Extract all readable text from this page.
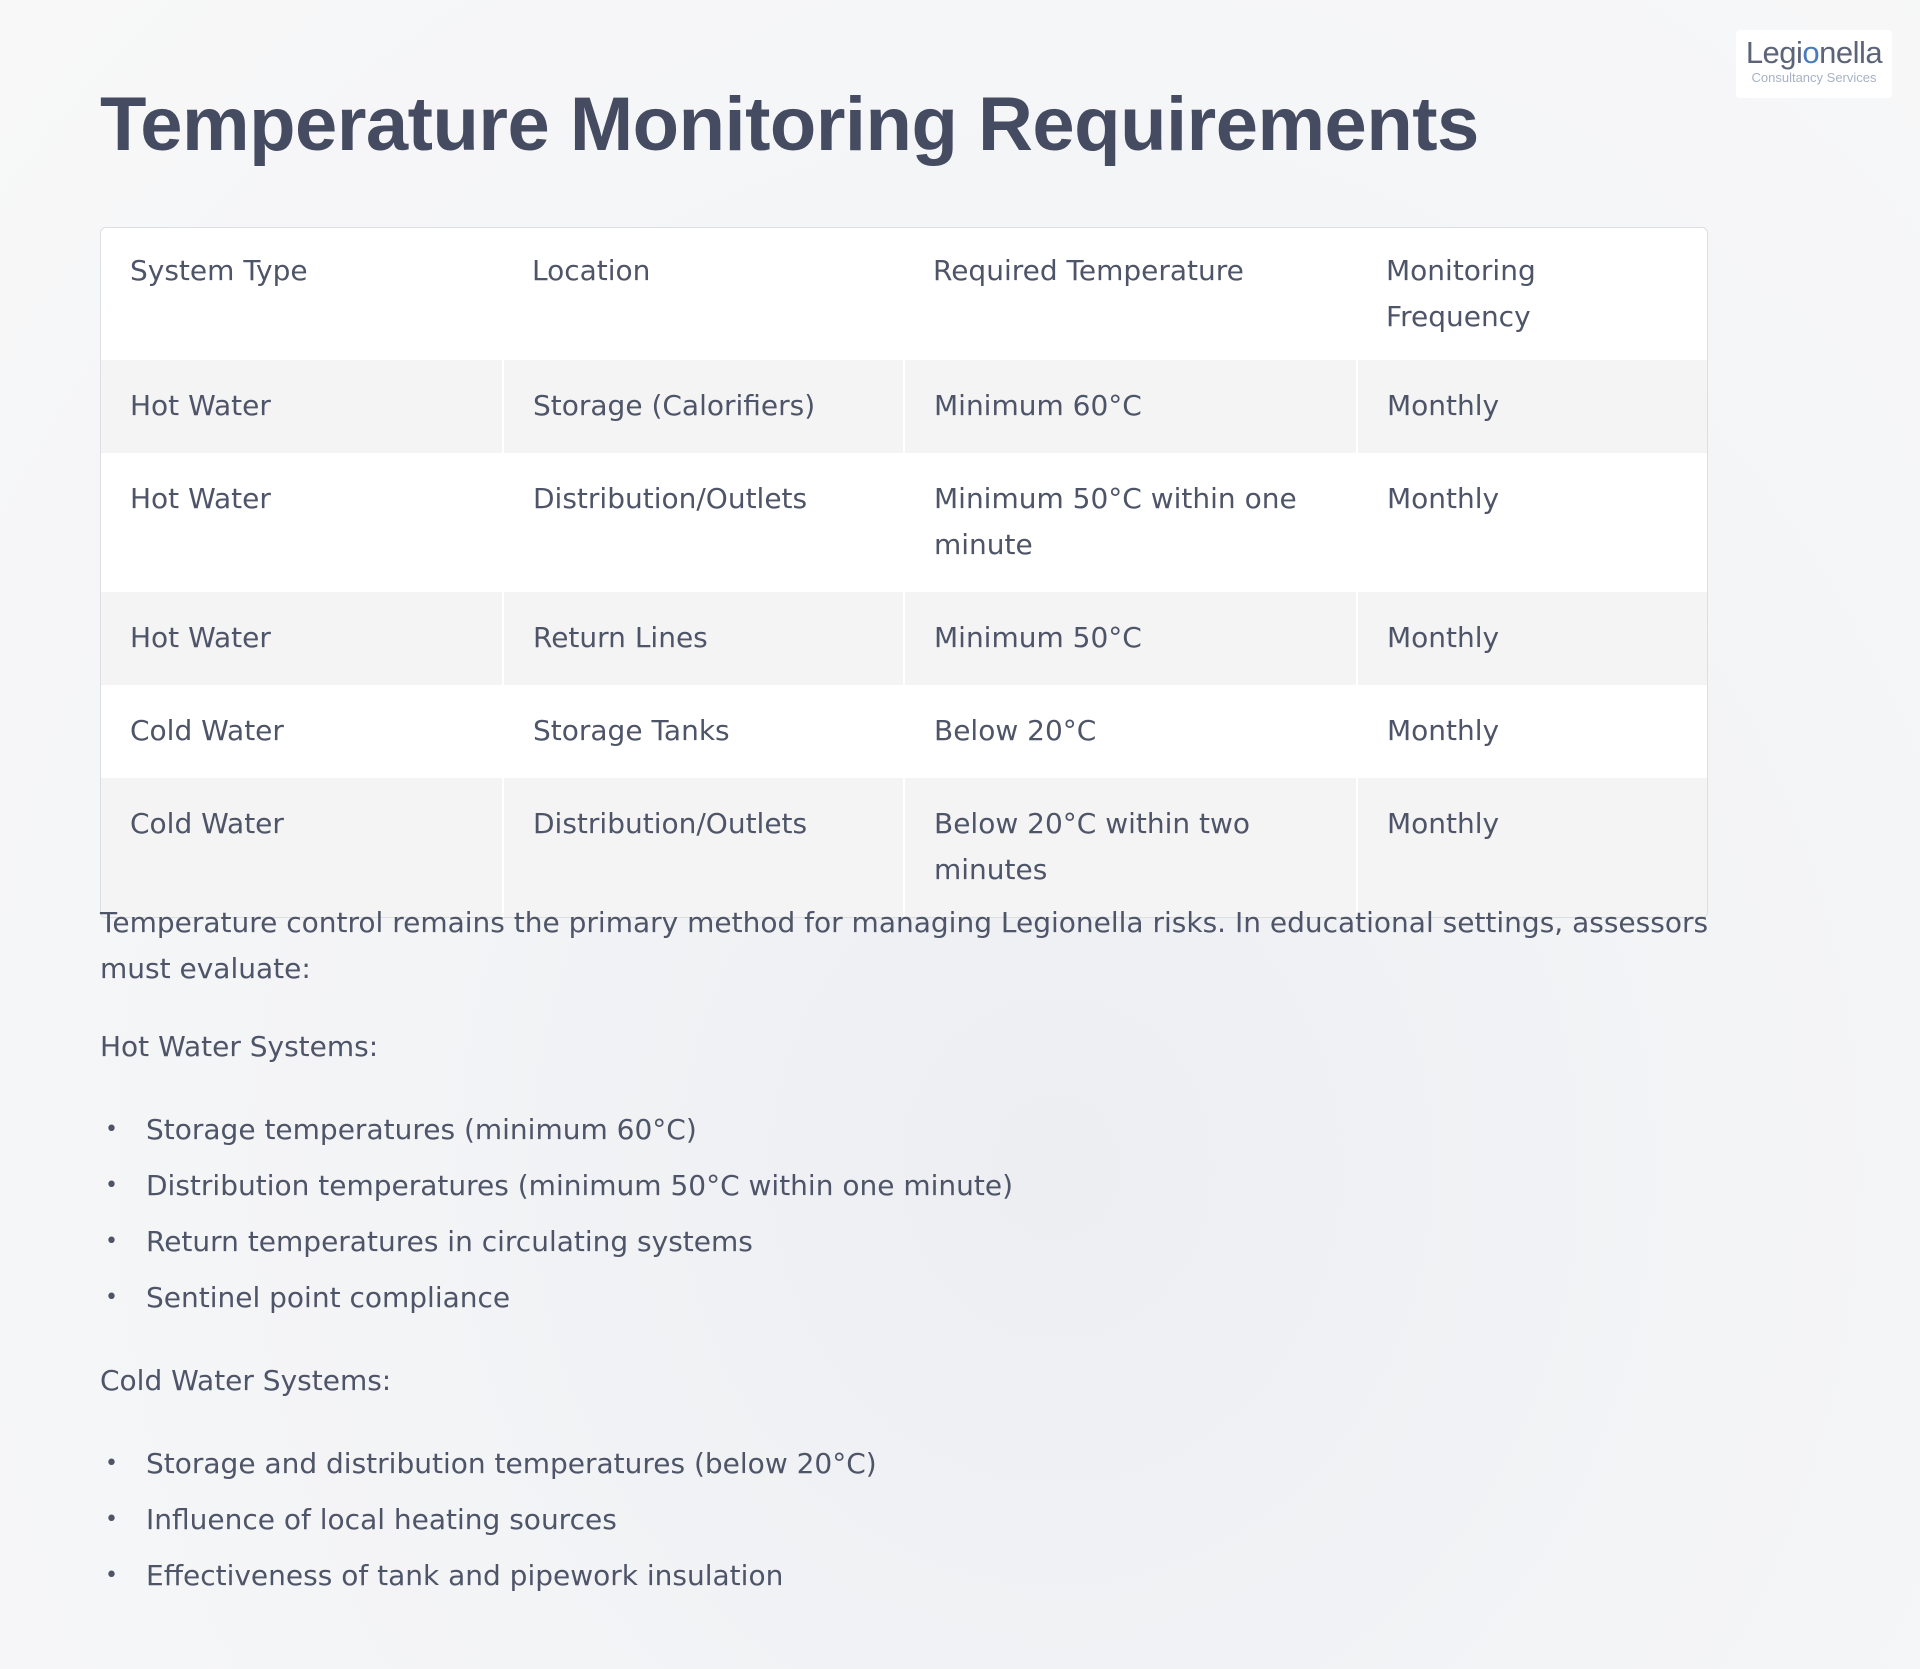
Legionella
Consultancy Services
Temperature Monitoring Requirements
System Type	Location	Required Temperature	Monitoring Frequency
Hot Water	Storage (Calorifiers)	Minimum 60°C	Monthly
Hot Water	Distribution/Outlets	Minimum 50°C within one minute	Monthly
Hot Water	Return Lines	Minimum 50°C	Monthly
Cold Water	Storage Tanks	Below 20°C	Monthly
Cold Water	Distribution/Outlets	Below 20°C within two minutes	Monthly

Temperature control remains the primary method for managing Legionella risks. In educational settings, assessors must evaluate:

Hot Water Systems:

• Storage temperatures (minimum 60°C)
• Distribution temperatures (minimum 50°C within one minute)
• Return temperatures in circulating systems
• Sentinel point compliance

Cold Water Systems:

• Storage and distribution temperatures (below 20°C)
• Influence of local heating sources
• Effectiveness of tank and pipework insulation
